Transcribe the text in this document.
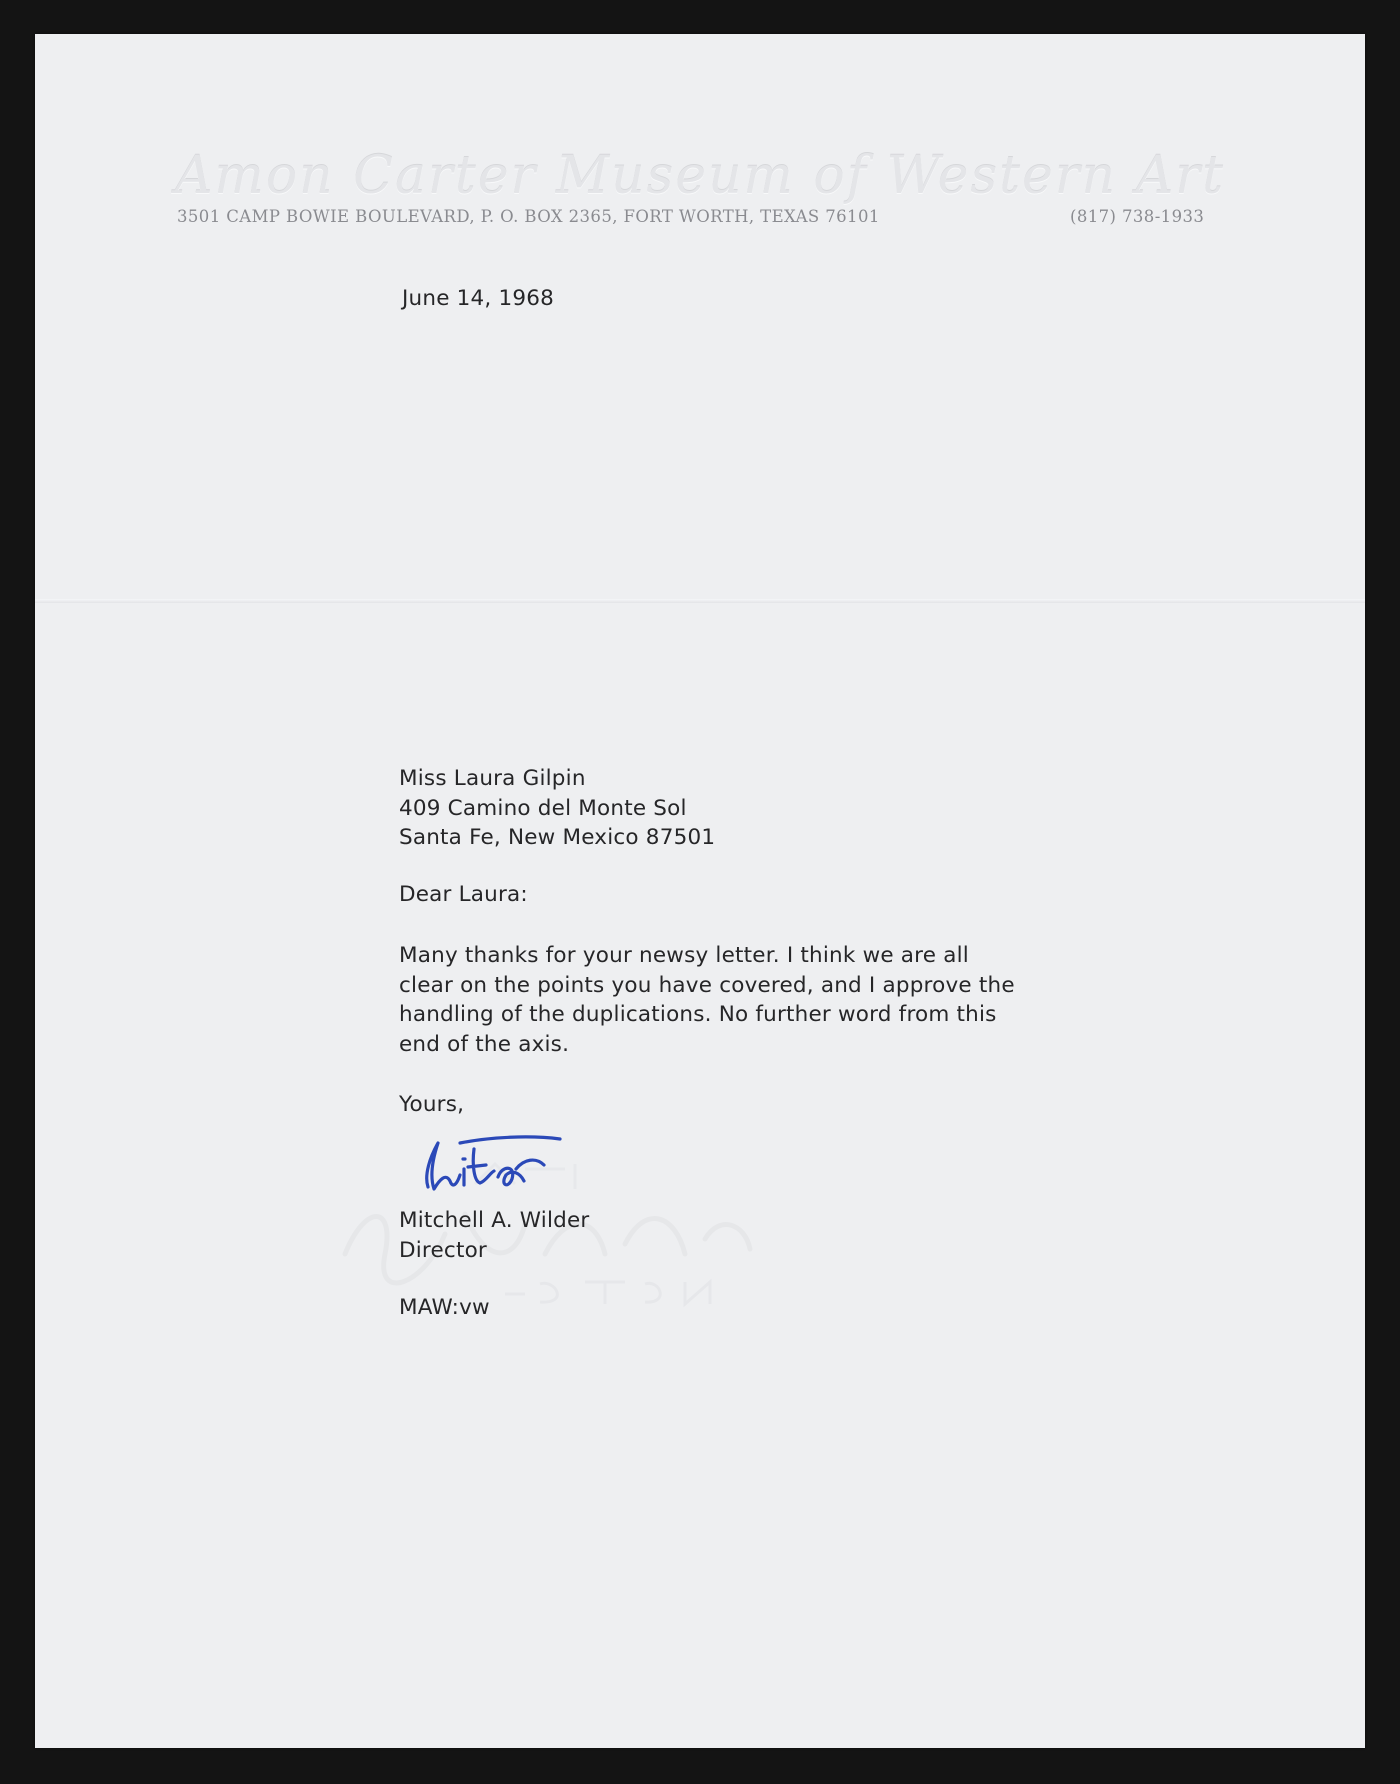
Amon Carter Museum of Western Art
3501 CAMP BOWIE BOULEVARD, P. O. BOX 2365, FORT WORTH, TEXAS 76101	(817) 738-1933
June 14, 1968
Miss Laura Gilpin
409 Camino del Monte Sol
Santa Fe, New Mexico 87501
Dear Laura:
Many thanks for your newsy letter. I think we are all
clear on the points you have covered, and I approve the
handling of the duplications. No further word from this
end of the axis.
Yours,
Mitchell A. Wilder
Director
MAW:vw
